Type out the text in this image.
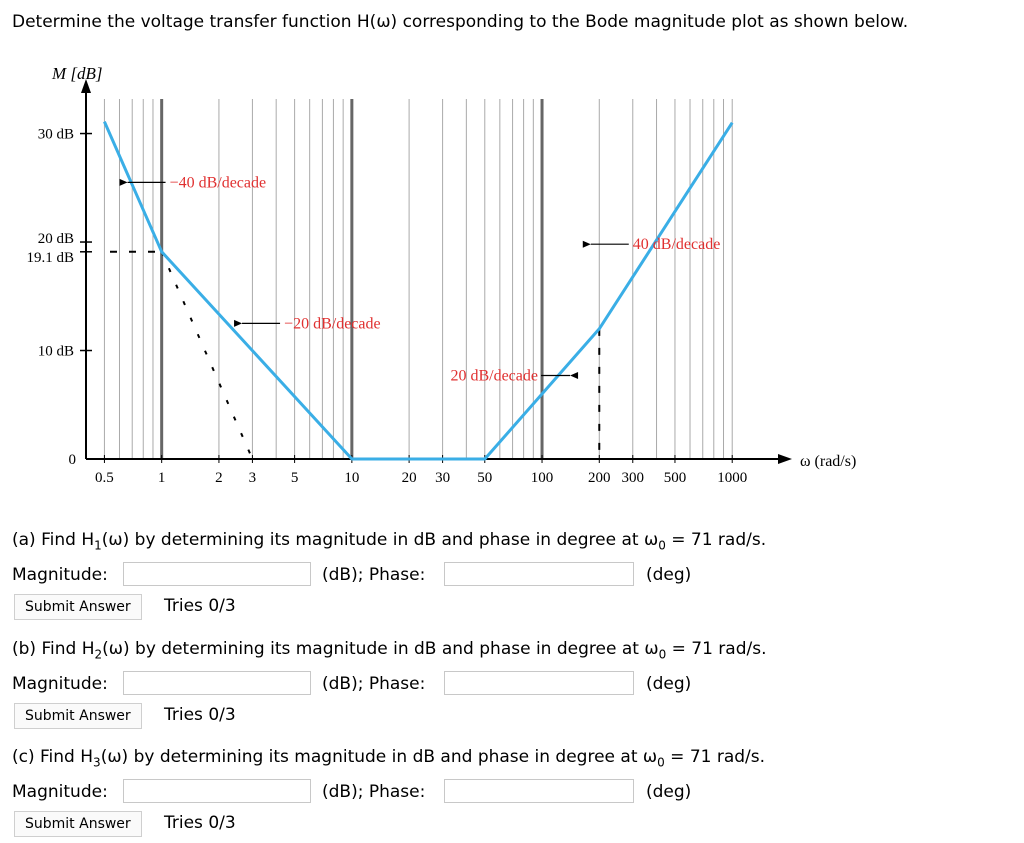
Determine the voltage transfer function H(ω) corresponding to the Bode magnitude plot as shown below.

−40 dB/decade
−20 dB/decade
20 dB/decade
40 dB/decade
0.5	1	2 3 5	10	20 30 50	100 200 300 500 1000
0
10 dB
19.1 dB
20 dB
30 dB
M [dB]
ω (rad/s)
(a) Find $H_1(\omega)$ by determining its magnitude in dB and phase in degree at $\omega_0 = 71$ rad/s.
Magnitude:	(dB); Phase:	(deg)
Submit Answer	Tries 0/3
(b) Find $H_2(\omega)$ by determining its magnitude in dB and phase in degree at $\omega_0 = 71$ rad/s.
Magnitude:	(dB); Phase:	(deg)
Submit Answer	Tries 0/3
(c) Find $H_3(\omega)$ by determining its magnitude in dB and phase in degree at $\omega_0 = 71$ rad/s.
Magnitude:	(dB); Phase:	(deg)
Submit Answer	Tries 0/3
